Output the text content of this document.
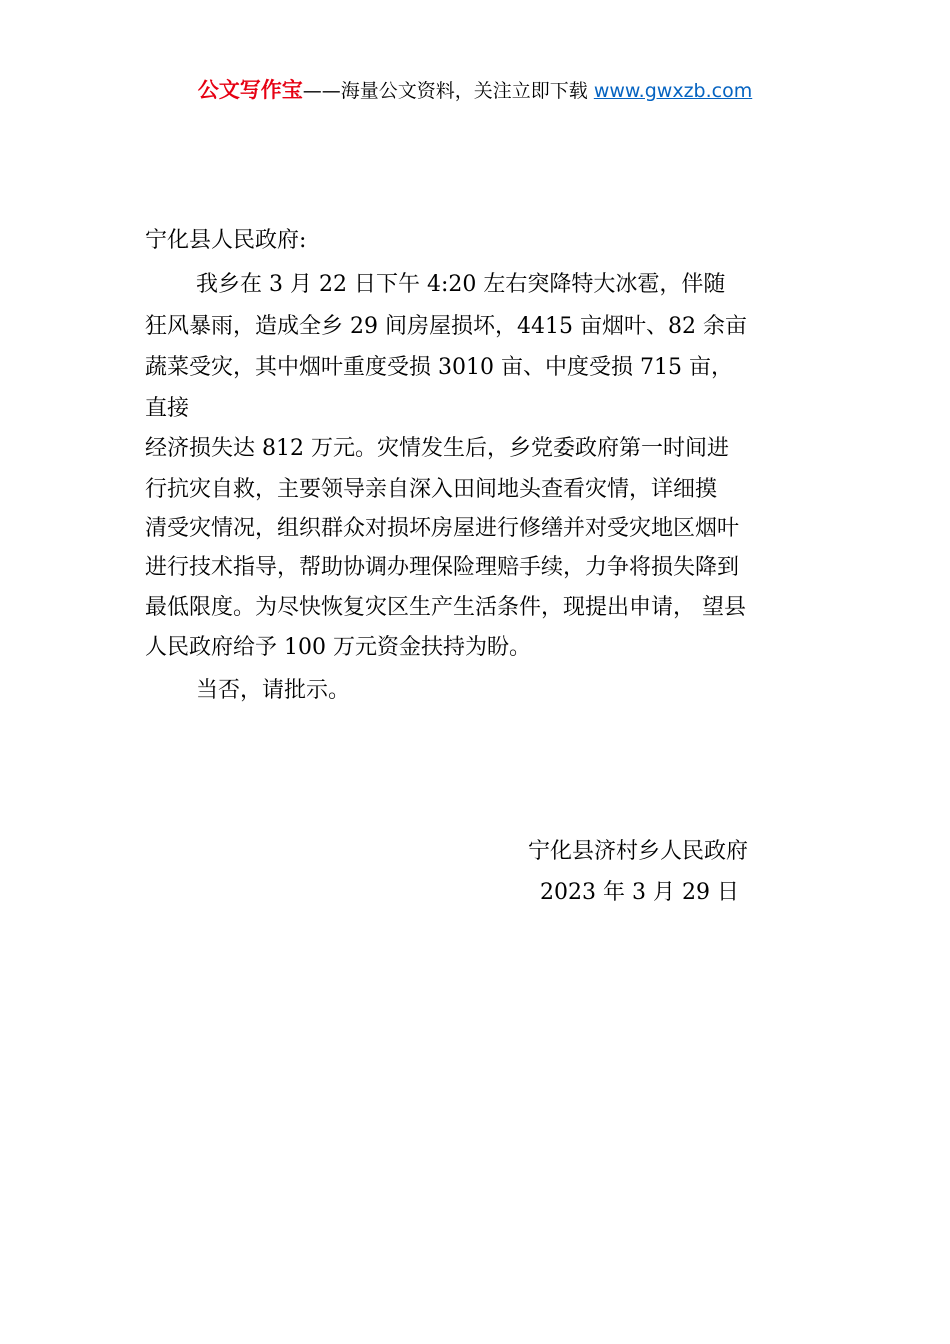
公文写作宝——海量公文资料，关注立即下载 www.gwxzb.com
宁化县人民政府:
我乡在 3 月 22 日下午 4:20 左右突降特大冰雹，伴随
狂风暴雨，造成全乡 29 间房屋损坏，4415 亩烟叶、82 余亩
蔬菜受灾，其中烟叶重度受损 3010 亩、中度受损 715 亩，
直接
经济损失达 812 万元。灾情发生后，乡党委政府第一时间进
行抗灾自救，主要领导亲自深入田间地头查看灾情，详细摸
清受灾情况，组织群众对损坏房屋进行修缮并对受灾地区烟叶
进行技术指导，帮助协调办理保险理赔手续，力争将损失降到
最低限度。为尽快恢复灾区生产生活条件，现提出申请， 望县
人民政府给予 100 万元资金扶持为盼。
当否，请批示。
宁化县济村乡人民政府
2023 年 3 月 29 日
